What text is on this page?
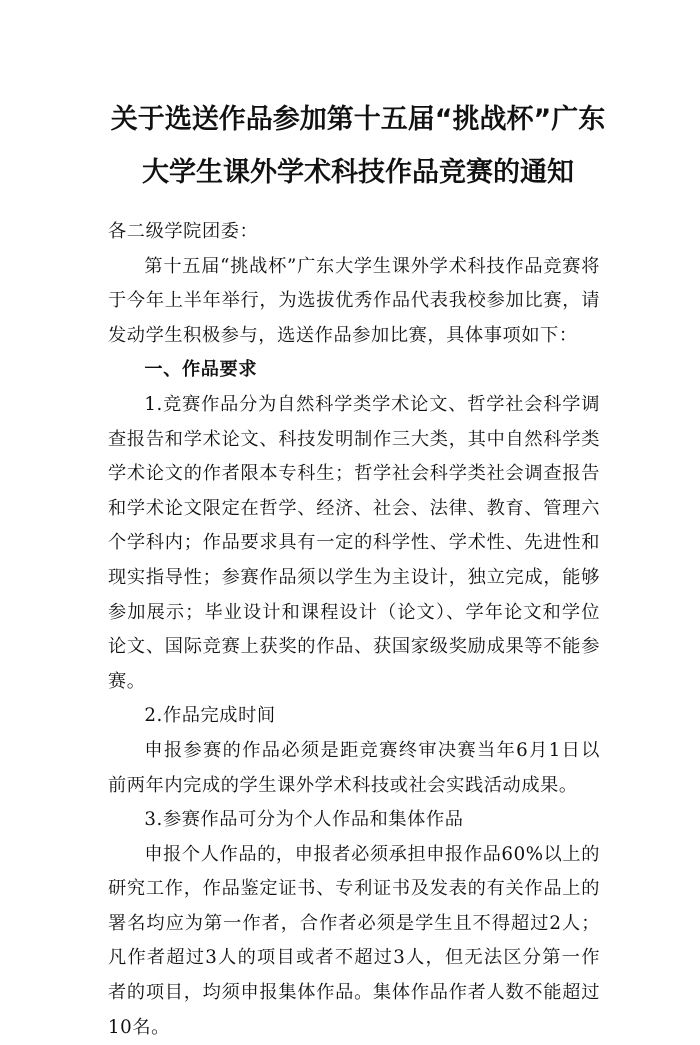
关于选送作品参加第十五届“挑战杯”广东
大学生课外学术科技作品竞赛的通知

各二级学院团委：

第十五届“挑战杯”广东大学生课外学术科技作品竞赛将于今年上半年举行，为选拔优秀作品代表我校参加比赛，请发动学生积极参与，选送作品参加比赛，具体事项如下：

一、作品要求

1.竞赛作品分为自然科学类学术论文、哲学社会科学调查报告和学术论文、科技发明制作三大类，其中自然科学类学术论文的作者限本专科生；哲学社会科学类社会调查报告和学术论文限定在哲学、经济、社会、法律、教育、管理六个学科内；作品要求具有一定的科学性、学术性、先进性和现实指导性；参赛作品须以学生为主设计，独立完成，能够参加展示；毕业设计和课程设计（论文）、学年论文和学位论文、国际竞赛上获奖的作品、获国家级奖励成果等不能参赛。

2.作品完成时间

申报参赛的作品必须是距竞赛终审决赛当年6月1日以前两年内完成的学生课外学术科技或社会实践活动成果。

3.参赛作品可分为个人作品和集体作品

申报个人作品的，申报者必须承担申报作品60%以上的研究工作，作品鉴定证书、专利证书及发表的有关作品上的署名均应为第一作者，合作者必须是学生且不得超过2人；凡作者超过3人的项目或者不超过3人，但无法区分第一作者的项目，均须申报集体作品。集体作品作者人数不能超过10名。
